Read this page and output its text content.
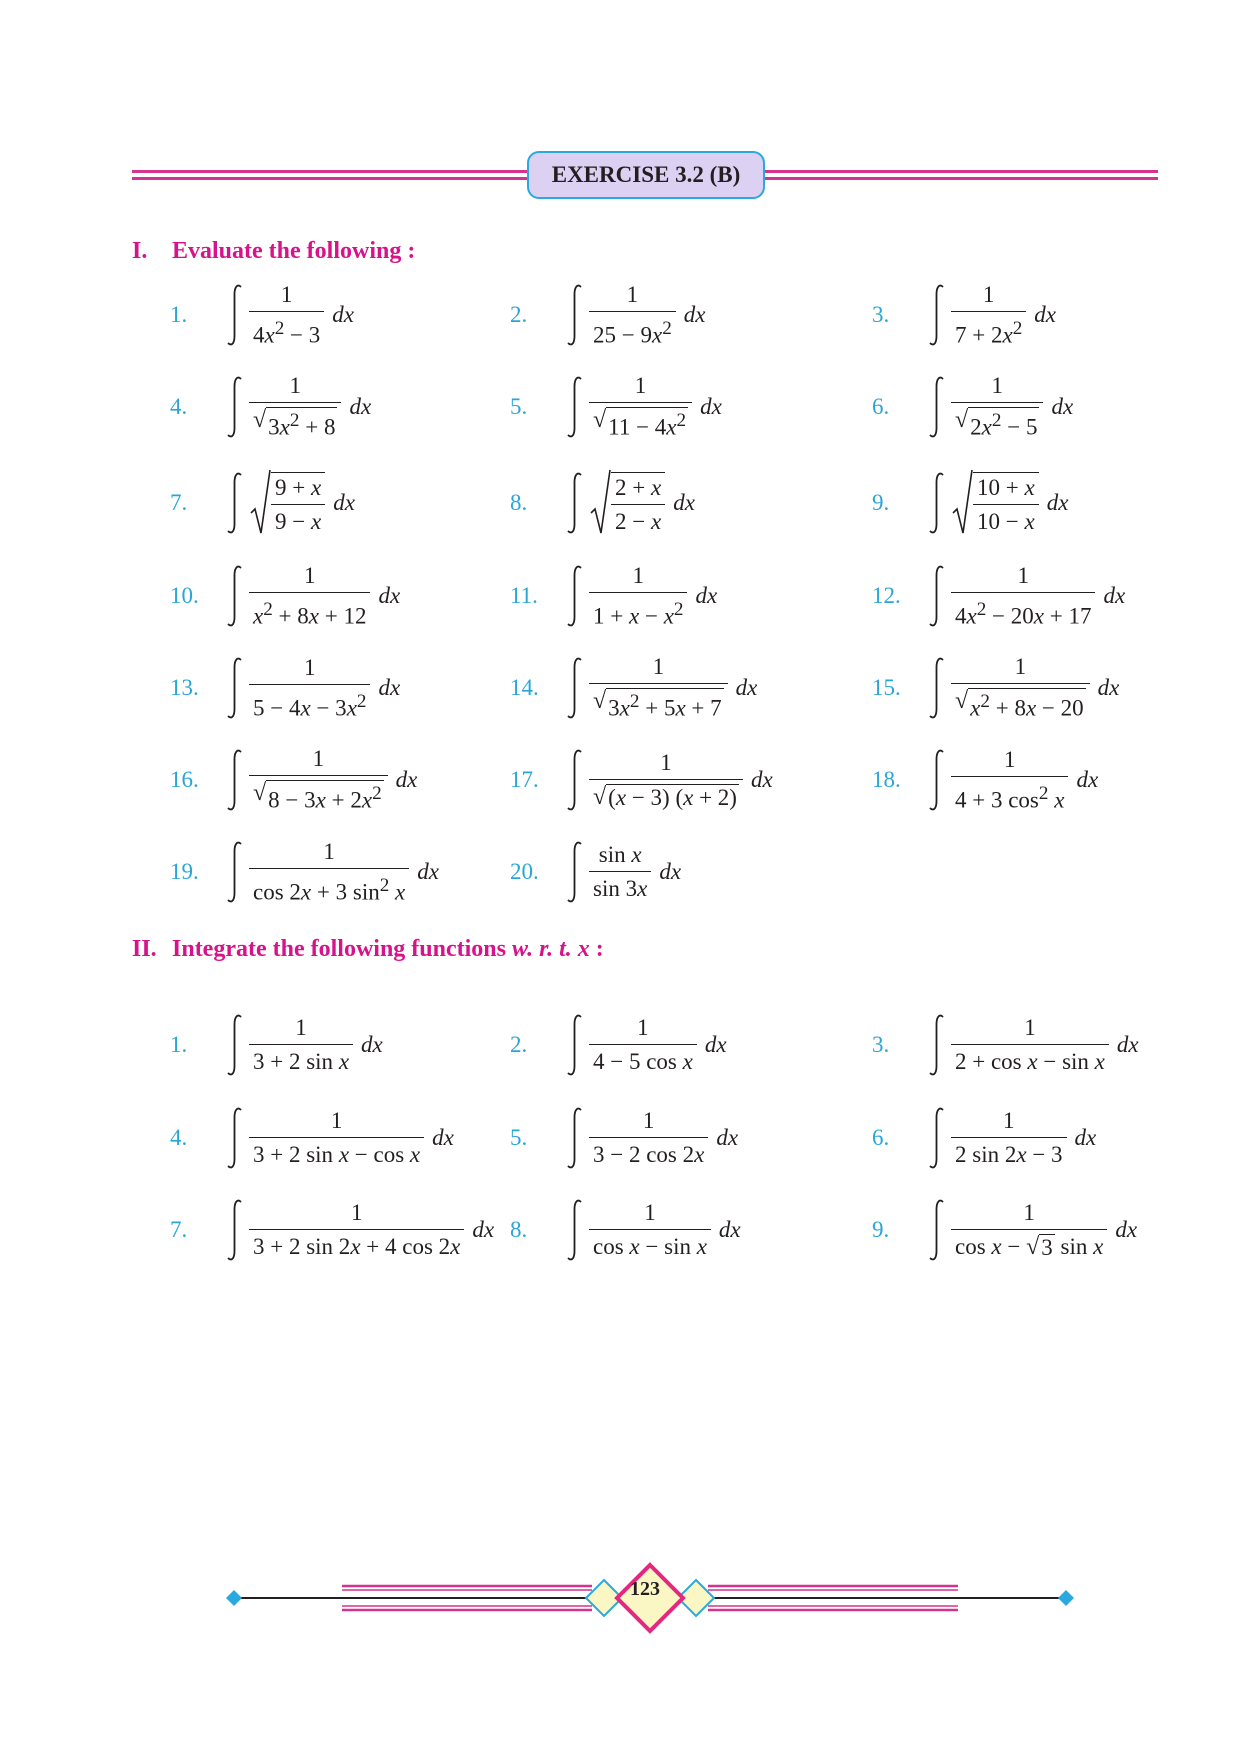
EXERCISE 3.2 (B)
I. Evaluate the following :
1.	$\frac{1}{4x^2 - 3}$ dx	2.	$\frac{1}{25 - 9x^2}$ dx	3.	$\frac{1}{7 + 2x^2}$ dx
4.	$\frac{1}{√ 3x^2 + 8}$ dx	5.	$\frac{1}{√ 11 - 4x^2}$ dx	6.	$\frac{1}{√ 2x^2 - 5}$ dx
7.	$\frac{9 + x}{9 - x}$ dx	8.	$\frac{2 + x}{2 - x}$ dx	9.	$\frac{10 + x}{10 - x}$ dx
10. $\frac{1}{x^2 + 8x + 12}$ dx	11. $\frac{1}{1 + x - x^2}$ dx	12. $\frac{1}{4x^2 - 20x + 17}$ dx
13. $\frac{1}{5 - 4x - 3x^2}$ dx	14. $\frac{1}{√ 3x^2 + 5x + 7}$ dx	15. $\frac{1}{√ x^2 + 8x - 20}$ dx
16. $\frac{1}{√ 8 - 3x + 2x^2}$ dx	17. $\frac{1}{√ (x - 3) (x + 2)}$ dx	18. $\frac{1}{4 + 3 \cos^2 x}$ dx
19. $\frac{1}{\cos 2x + 3 \sin^2 x}$ dx	20. $\frac{\text{sin x}}{\sin 3x}$ dx
II. Integrate the following functions w. r. t. x :
1.	$\frac{1}{\text{3 + 2 sin x}}$ dx	2.	$\frac{1}{\text{4 − 5 cos x}}$ dx	3.	$\frac{1}{\text{2 + cos x − sin x}}$ dx
4.	$\frac{1}{\text{3 + 2 sin x − cos x}}$ dx 5.	$\frac{1}{3 - 2 \cos 2x}$ dx	6.	$\frac{1}{2 \sin 2x - 3}$ dx
7.	$\frac{1}{3 + 2 \sin 2x + 4 \cos 2x}$ dx 8.	$\frac{1}{\text{cos x − sin x}}$ dx	9.	$\frac{1}{\text{cos x − √ 3 sin x}}$ dx
123
